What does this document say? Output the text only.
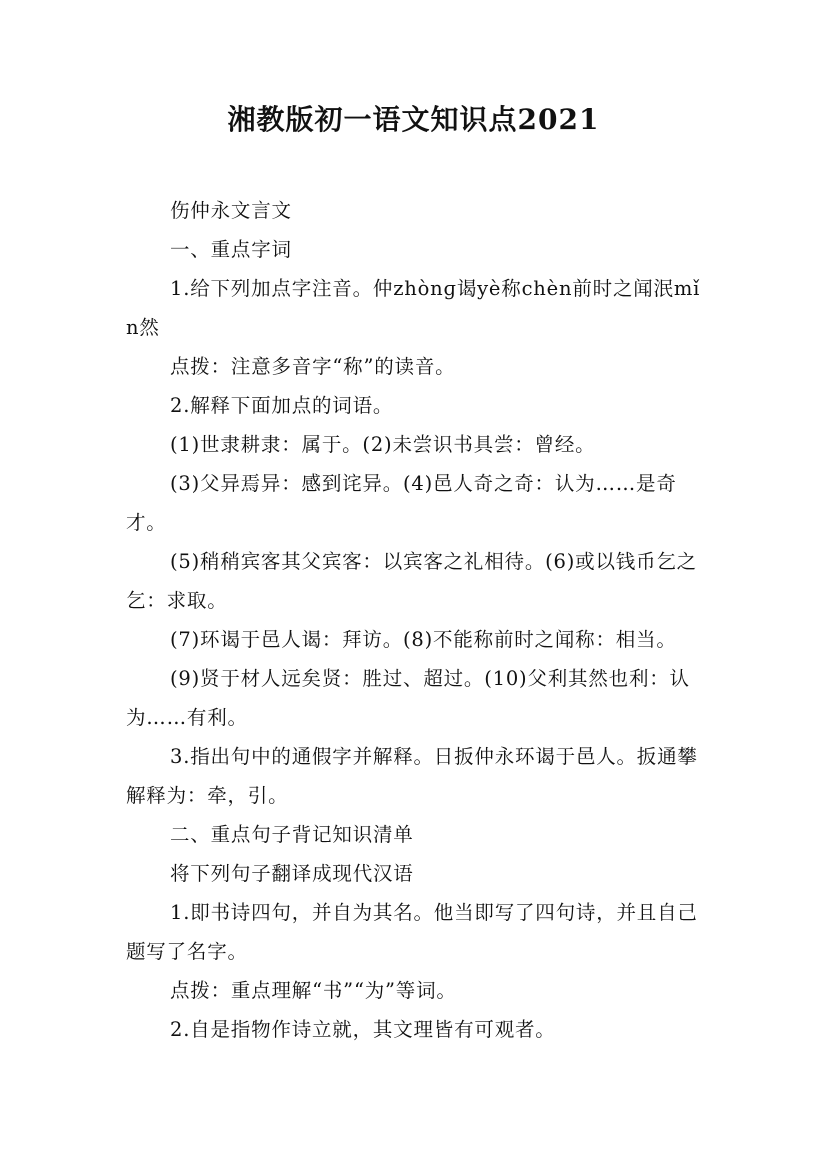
湘教版初一语文知识点2021

伤仲永文言文

一、重点字词

1.给下列加点字注音。仲zhònɡ谒yè称chèn前时之闻泯mǐn然

点拨：注意多音字“称”的读音。

2.解释下面加点的词语。

(1)世隶耕隶：属于。(2)未尝识书具尝：曾经。

(3)父异焉异：感到诧异。(4)邑人奇之奇：认为……是奇才。

(5)稍稍宾客其父宾客：以宾客之礼相待。(6)或以钱币乞之乞：求取。

(7)环谒于邑人谒：拜访。(8)不能称前时之闻称：相当。

(9)贤于材人远矣贤：胜过、超过。(10)父利其然也利：认为……有利。

3.指出句中的通假字并解释。日扳仲永环谒于邑人。扳通攀解释为：牵，引。

二、重点句子背记知识清单

将下列句子翻译成现代汉语

1.即书诗四句，并自为其名。他当即写了四句诗，并且自己题写了名字。

点拨：重点理解“书”“为”等词。

2.自是指物作诗立就，其文理皆有可观者。
